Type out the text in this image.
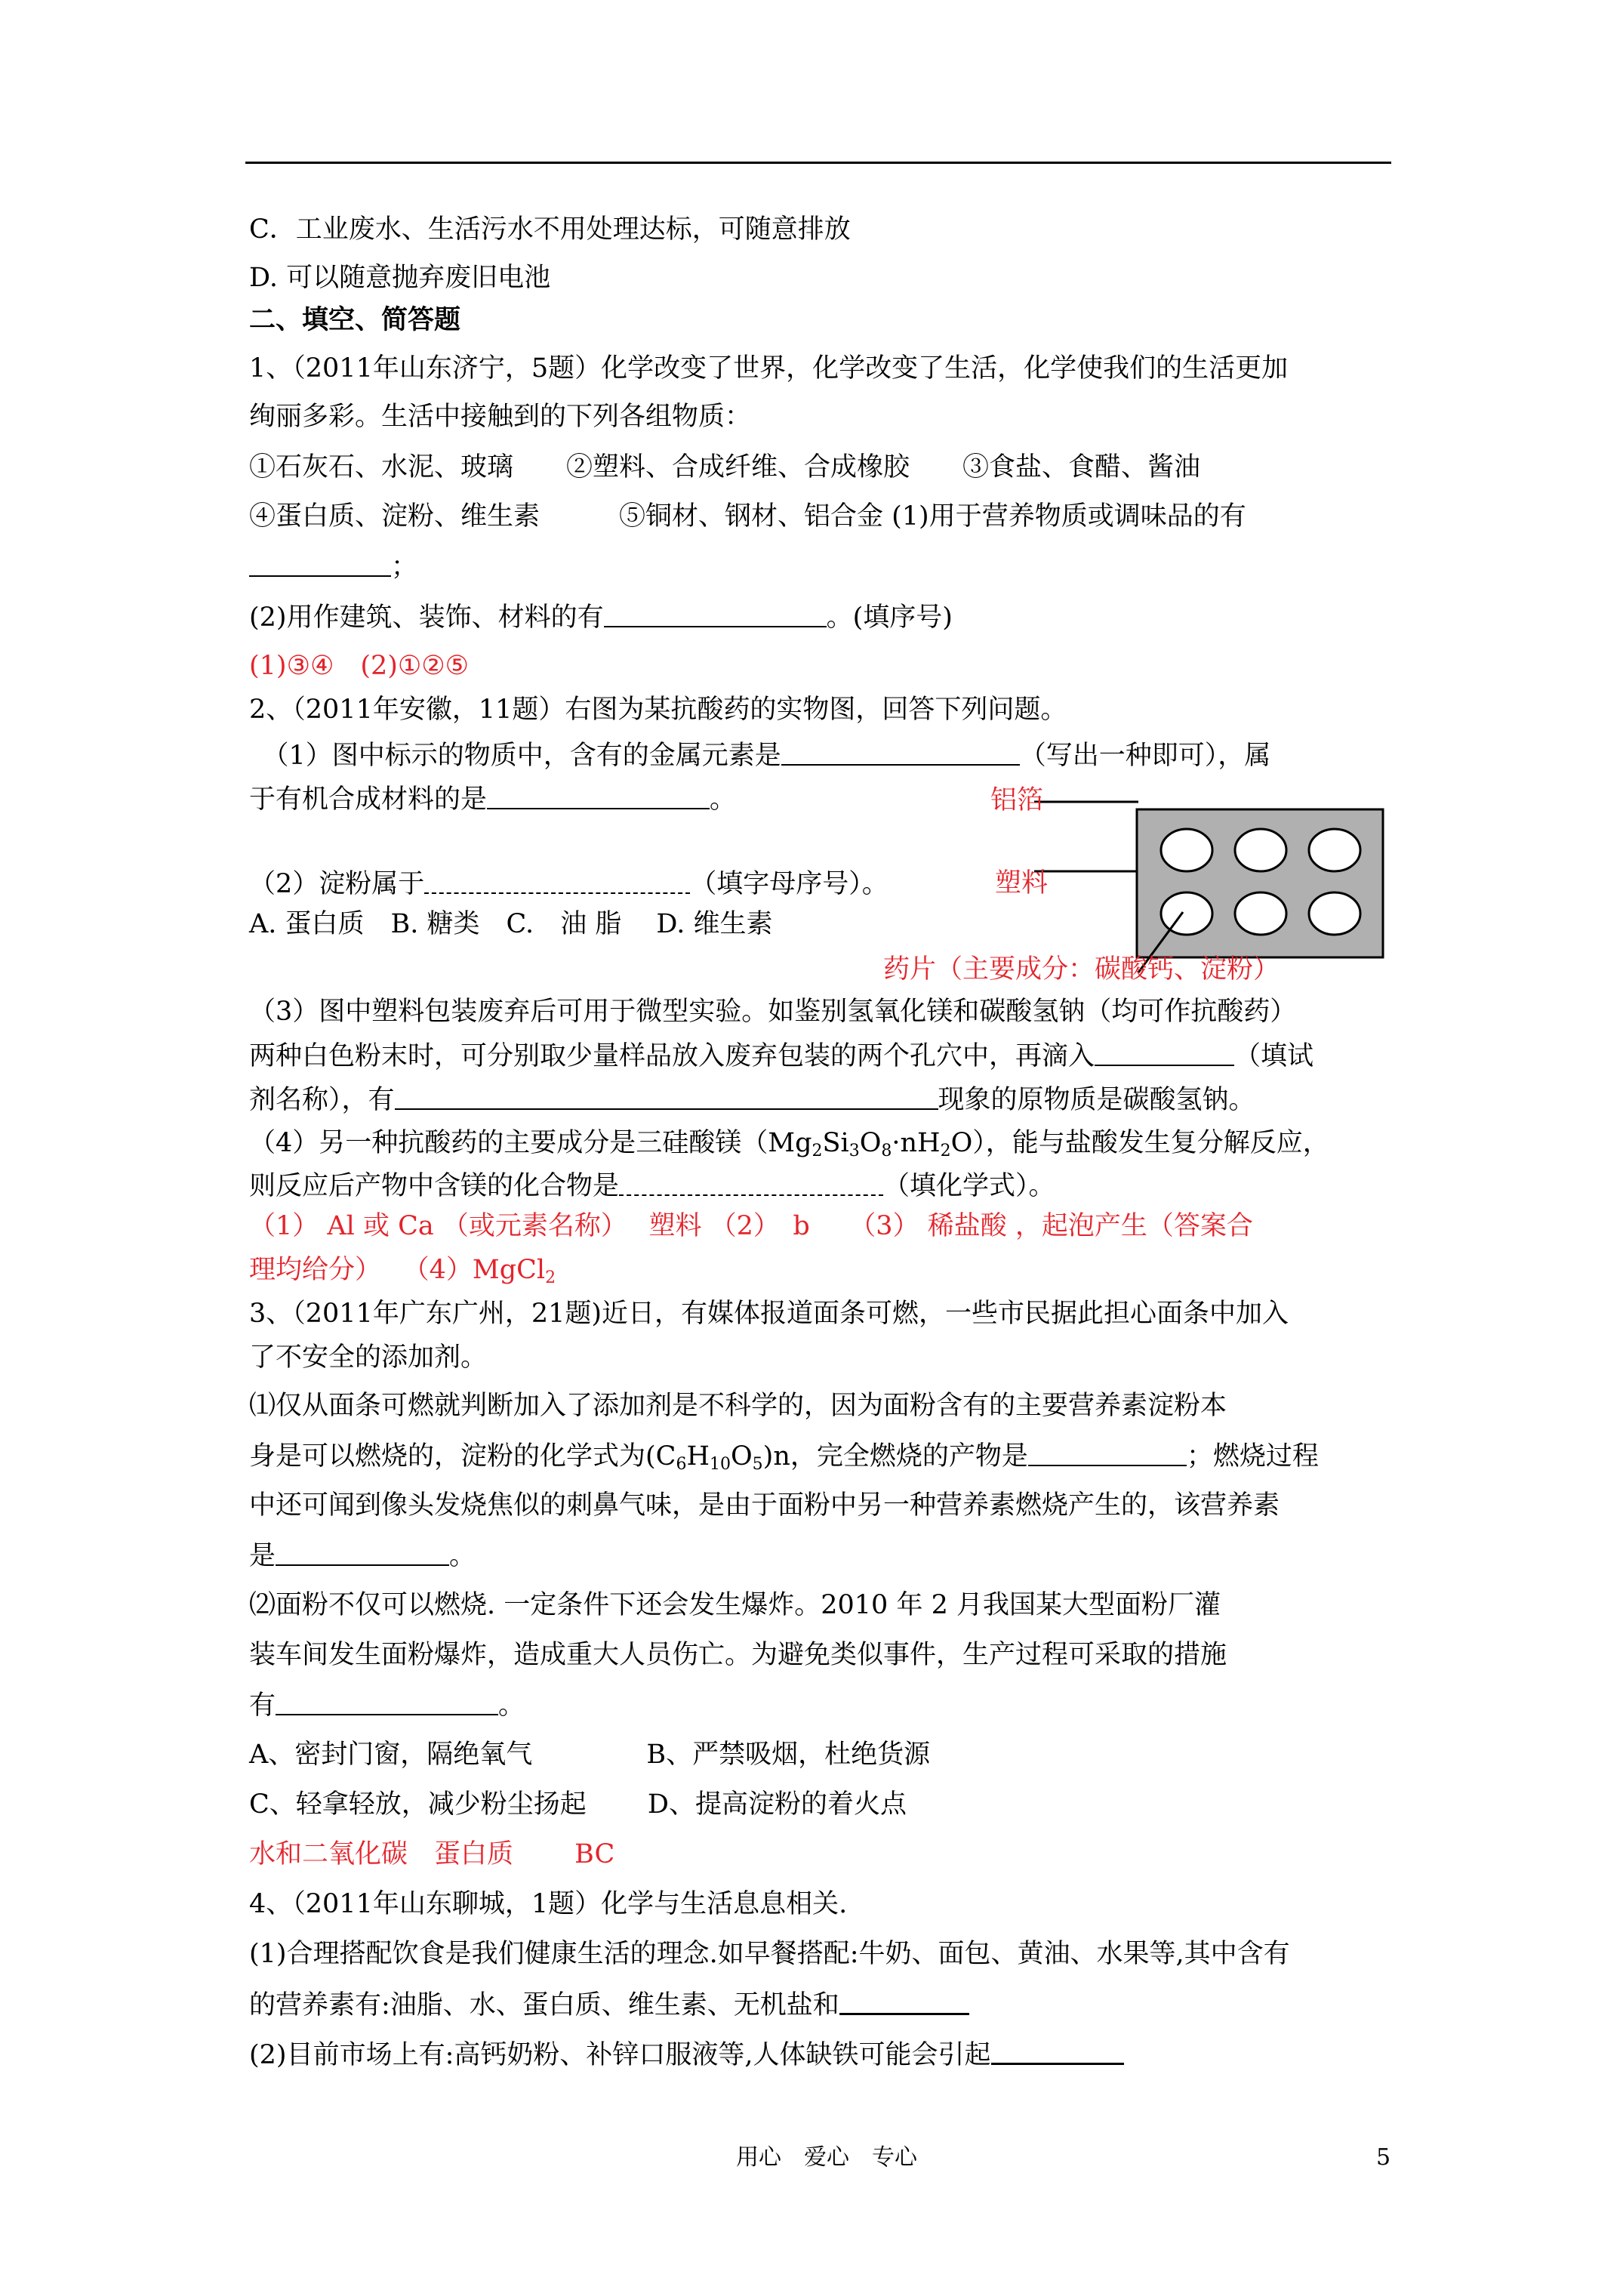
C．工业废水、生活污水不用处理达标，可随意排放
D. 可以随意抛弃废旧电池
二、填空、简答题
1、（2011年山东济宁，5题）化学改变了世界，化学改变了生活，化学使我们的生活更加
绚丽多彩。生活中接触到的下列各组物质：
①石灰石、水泥、玻璃　　②塑料、合成纤维、合成橡胶　　③食盐、食醋、酱油
④蛋白质、淀粉、维生素　　　⑤铜材、钢材、铝合金 (1)用于营养物质或调味品的有
；
(2)用作建筑、装饰、材料的有	。(填序号)
(1)③④　(2)①②⑤
2、（2011年安徽，11题）右图为某抗酸药的实物图，回答下列问题。
　（1）图中标示的物质中，含有的金属元素是	（写出一种即可），属
于有机合成材料的是	。
（2）淀粉属于	（填字母序号）。
A. 蛋白质　B. 糖类　C.　油 脂　 D. 维生素
（3）图中塑料包装废弃后可用于微型实验。如鉴别氢氧化镁和碳酸氢钠（均可作抗酸药）
两种白色粉末时，可分别取少量样品放入废弃包装的两个孔穴中，再滴入	（填试
剂名称），有	现象的原物质是碳酸氢钠。
（4）另一种抗酸药的主要成分是三硅酸镁$(Mg_2Si_3O_8\cdot nH_2O)$，能与盐酸发生复分解反应，
则反应后产物中含镁的化合物是	（填化学式）。
（1） Al 或 Ca （或元素名称）　 塑料 （2）　b　　（3） 稀盐酸 ，起泡产生（答案合
理均给分）　 （4）MgCl$_2$
3、（2011年广东广州，21题)近日，有媒体报道面条可燃，一些市民据此担心面条中加入
了不安全的添加剂。
⑴仅从面条可燃就判断加入了添加剂是不科学的，因为面粉含有的主要营养素淀粉本
身是可以燃烧的，淀粉的化学式为$(C_6H_{10}O_5)n$，完全燃烧的产物是	；燃烧过程
中还可闻到像头发烧焦似的刺鼻气味，是由于面粉中另一种营养素燃烧产生的，该营养素
是	。
⑵面粉不仅可以燃烧. 一定条件下还会发生爆炸。2010 年 2 月我国某大型面粉厂灌
装车间发生面粉爆炸，造成重大人员伤亡。为避免类似事件，生产过程可采取的措施
有	。
A、密封门窗，隔绝氧气　　　　 B、严禁吸烟，杜绝货源
C、轻拿轻放，减少粉尘扬起　　 D、提高淀粉的着火点
水和二氧化碳　蛋白质　　 BC
4、（2011年山东聊城，1题）化学与生活息息相关.
(1)合理搭配饮食是我们健康生活的理念.如早餐搭配:牛奶、面包、黄油、水果等,其中含有
的营养素有:油脂、水、蛋白质、维生素、无机盐和
(2)目前市场上有:高钙奶粉、补锌口服液等,人体缺铁可能会引起
铝箔
塑料
药片（主要成分：碳酸钙、淀粉）
用心　爱心　专心	5
